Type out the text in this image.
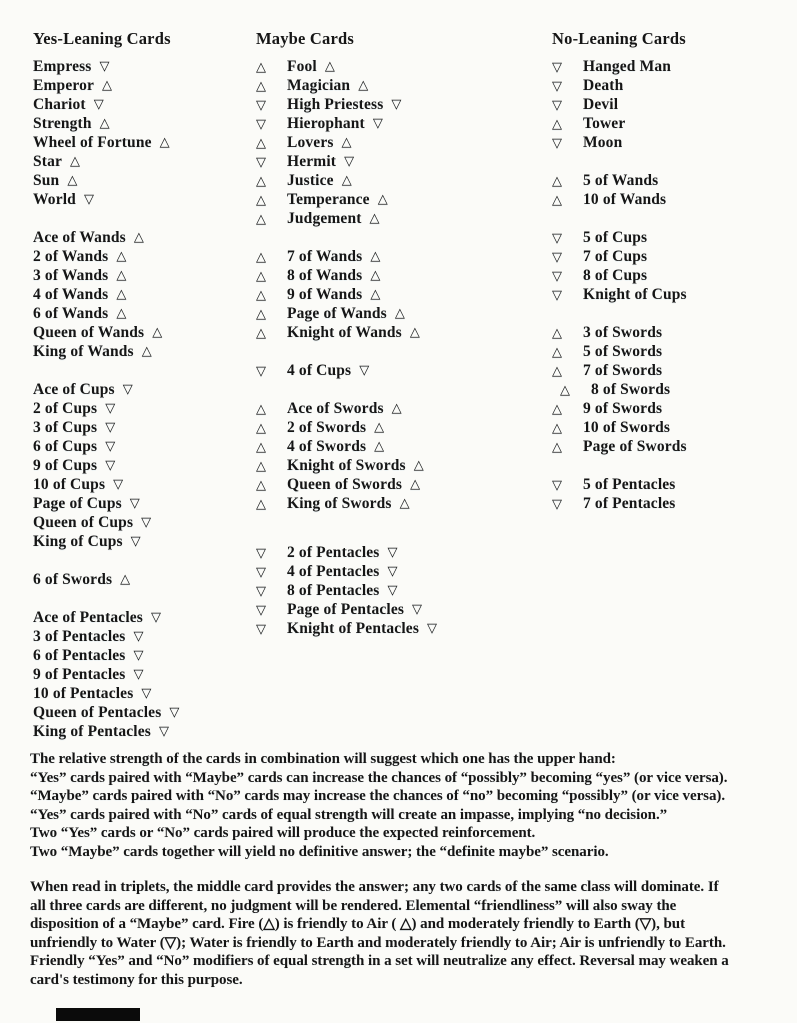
Yes-Leaning Cards
Empress ▽
Emperor △
Chariot ▽
Strength △
Wheel of Fortune △
Star △
Sun △
World ▽
Ace of Wands △
2 of Wands △
3 of Wands △
4 of Wands △
6 of Wands △
Queen of Wands △
King of Wands △
Ace of Cups ▽
2 of Cups ▽
3 of Cups ▽
6 of Cups ▽
9 of Cups ▽
10 of Cups ▽
Page of Cups ▽
Queen of Cups ▽
King of Cups ▽
6 of Swords △
Ace of Pentacles ▽
3 of Pentacles ▽
6 of Pentacles ▽
9 of Pentacles ▽
10 of Pentacles ▽
Queen of Pentacles ▽
King of Pentacles ▽
Maybe Cards
△	Fool △
△	Magician △
▽	High Priestess ▽
▽	Hierophant ▽
△	Lovers △
▽	Hermit ▽
△	Justice △
△	Temperance △
△	Judgement △
△	7 of Wands △
△	8 of Wands △
△	9 of Wands △
△	Page of Wands △
△	Knight of Wands △
▽	4 of Cups ▽
△	Ace of Swords △
△	2 of Swords △
△	4 of Swords △
△	Knight of Swords △
△	Queen of Swords △
△	King of Swords △
▽	2 of Pentacles ▽
▽	4 of Pentacles ▽
▽	8 of Pentacles ▽
▽	Page of Pentacles ▽
▽	Knight of Pentacles ▽
No-Leaning Cards
▽	Hanged Man
▽	Death
▽	Devil
△	Tower
▽	Moon
△	5 of Wands
△	10 of Wands
▽	5 of Cups
▽	7 of Cups
▽	8 of Cups
▽	Knight of Cups
△	3 of Swords
△	5 of Swords
△	7 of Swords
△	8 of Swords
△	9 of Swords
△	10 of Swords
△	Page of Swords
▽	5 of Pentacles
▽	7 of Pentacles
The relative strength of the cards in combination will suggest which one has the upper hand:
“Yes” cards paired with “Maybe” cards can increase the chances of “possibly” becoming “yes” (or vice versa).
“Maybe” cards paired with “No” cards may increase the chances of “no” becoming “possibly” (or vice versa).
“Yes” cards paired with “No” cards of equal strength will create an impasse, implying “no decision.”
Two “Yes” cards or “No” cards paired will produce the expected reinforcement.
Two “Maybe” cards together will yield no definitive answer; the “definite maybe” scenario.
When read in triplets, the middle card provides the answer; any two cards of the same class will dominate. If
all three cards are different, no judgment will be rendered. Elemental “friendliness” will also sway the
disposition of a “Maybe” card. Fire (△) is friendly to Air ( △) and moderately friendly to Earth (▽), but
unfriendly to Water (▽); Water is friendly to Earth and moderately friendly to Air; Air is unfriendly to Earth.
Friendly “Yes” and “No” modifiers of equal strength in a set will neutralize any effect. Reversal may weaken a
card's testimony for this purpose.
